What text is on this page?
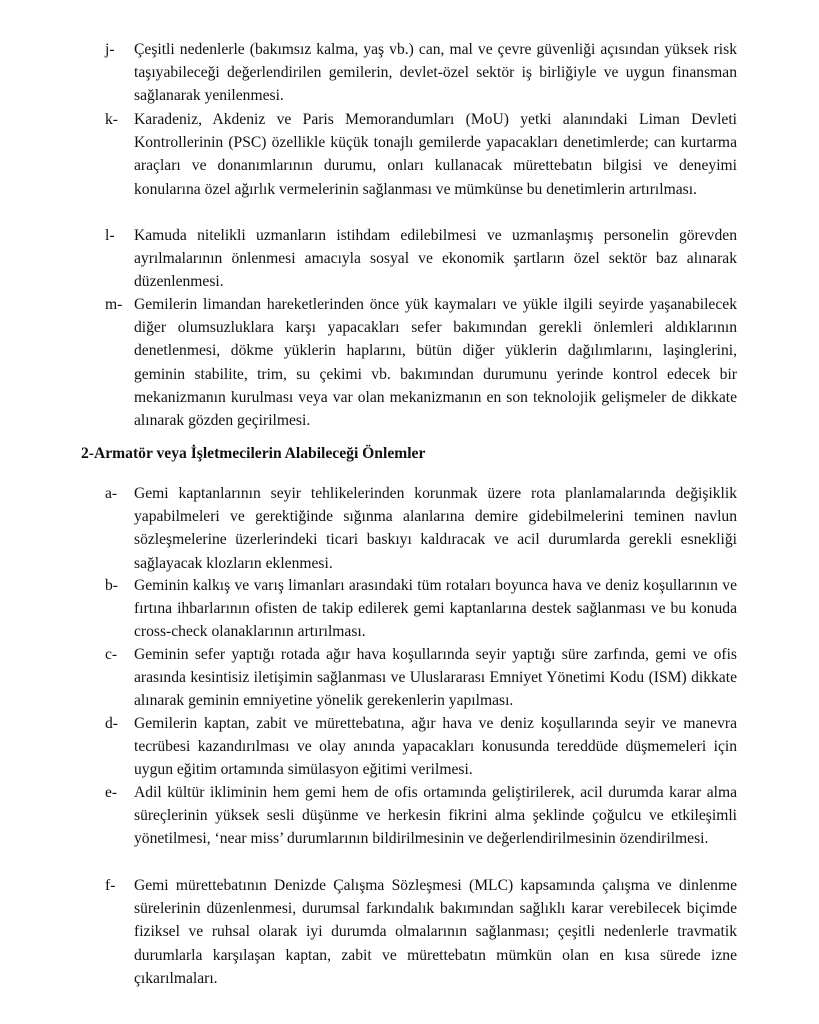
j- Çeşitli nedenlerle (bakımsız kalma, yaş vb.) can, mal ve çevre güvenliği açısından yüksek risk taşıyabileceği değerlendirilen gemilerin, devlet-özel sektör iş birliğiyle ve uygun finansman sağlanarak yenilenmesi.

k- Karadeniz, Akdeniz ve Paris Memorandumları (MoU) yetki alanındaki Liman Devleti Kontrollerinin (PSC) özellikle küçük tonajlı gemilerde yapacakları denetimlerde; can kurtarma araçları ve donanımlarının durumu, onları kullanacak mürettebatın bilgisi ve deneyimi konularına özel ağırlık vermelerinin sağlanması ve mümkünse bu denetimlerin artırılması.

l- Kamuda nitelikli uzmanların istihdam edilebilmesi ve uzmanlaşmış personelin görevden ayrılmalarının önlenmesi amacıyla sosyal ve ekonomik şartların özel sektör baz alınarak düzenlenmesi.

m- Gemilerin limandan hareketlerinden önce yük kaymaları ve yükle ilgili seyirde yaşanabilecek diğer olumsuzluklara karşı yapacakları sefer bakımından gerekli önlemleri aldıklarının denetlenmesi, dökme yüklerin haplarını, bütün diğer yüklerin dağılımlarını, laşinglerini, geminin stabilite, trim, su çekimi vb. bakımından durumunu yerinde kontrol edecek bir mekanizmanın kurulması veya var olan mekanizmanın en son teknolojik gelişmeler de dikkate alınarak gözden geçirilmesi.

2-Armatör veya İşletmecilerin Alabileceği Önlemler

a- Gemi kaptanlarının seyir tehlikelerinden korunmak üzere rota planlamalarında değişiklik yapabilmeleri ve gerektiğinde sığınma alanlarına demire gidebilmelerini teminen navlun sözleşmelerine üzerlerindeki ticari baskıyı kaldıracak ve acil durumlarda gerekli esnekliği sağlayacak klozların eklenmesi.

b- Geminin kalkış ve varış limanları arasındaki tüm rotaları boyunca hava ve deniz koşullarının ve fırtına ihbarlarının ofisten de takip edilerek gemi kaptanlarına destek sağlanması ve bu konuda cross-check olanaklarının artırılması.

c- Geminin sefer yaptığı rotada ağır hava koşullarında seyir yaptığı süre zarfında, gemi ve ofis arasında kesintisiz iletişimin sağlanması ve Uluslararası Emniyet Yönetimi Kodu (ISM) dikkate alınarak geminin emniyetine yönelik gerekenlerin yapılması.

d- Gemilerin kaptan, zabit ve mürettebatına, ağır hava ve deniz koşullarında seyir ve manevra tecrübesi kazandırılması ve olay anında yapacakları konusunda tereddüde düşmemeleri için uygun eğitim ortamında simülasyon eğitimi verilmesi.

e- Adil kültür ikliminin hem gemi hem de ofis ortamında geliştirilerek, acil durumda karar alma süreçlerinin yüksek sesli düşünme ve herkesin fikrini alma şeklinde çoğulcu ve etkileşimli yönetilmesi, ‘near miss’ durumlarının bildirilmesinin ve değerlendirilmesinin özendirilmesi.

f- Gemi mürettebatının Denizde Çalışma Sözleşmesi (MLC) kapsamında çalışma ve dinlenme sürelerinin düzenlenmesi, durumsal farkındalık bakımından sağlıklı karar verebilecek biçimde fiziksel ve ruhsal olarak iyi durumda olmalarının sağlanması; çeşitli nedenlerle travmatik durumlarla karşılaşan kaptan, zabit ve mürettebatın mümkün olan en kısa sürede izne çıkarılmaları.
